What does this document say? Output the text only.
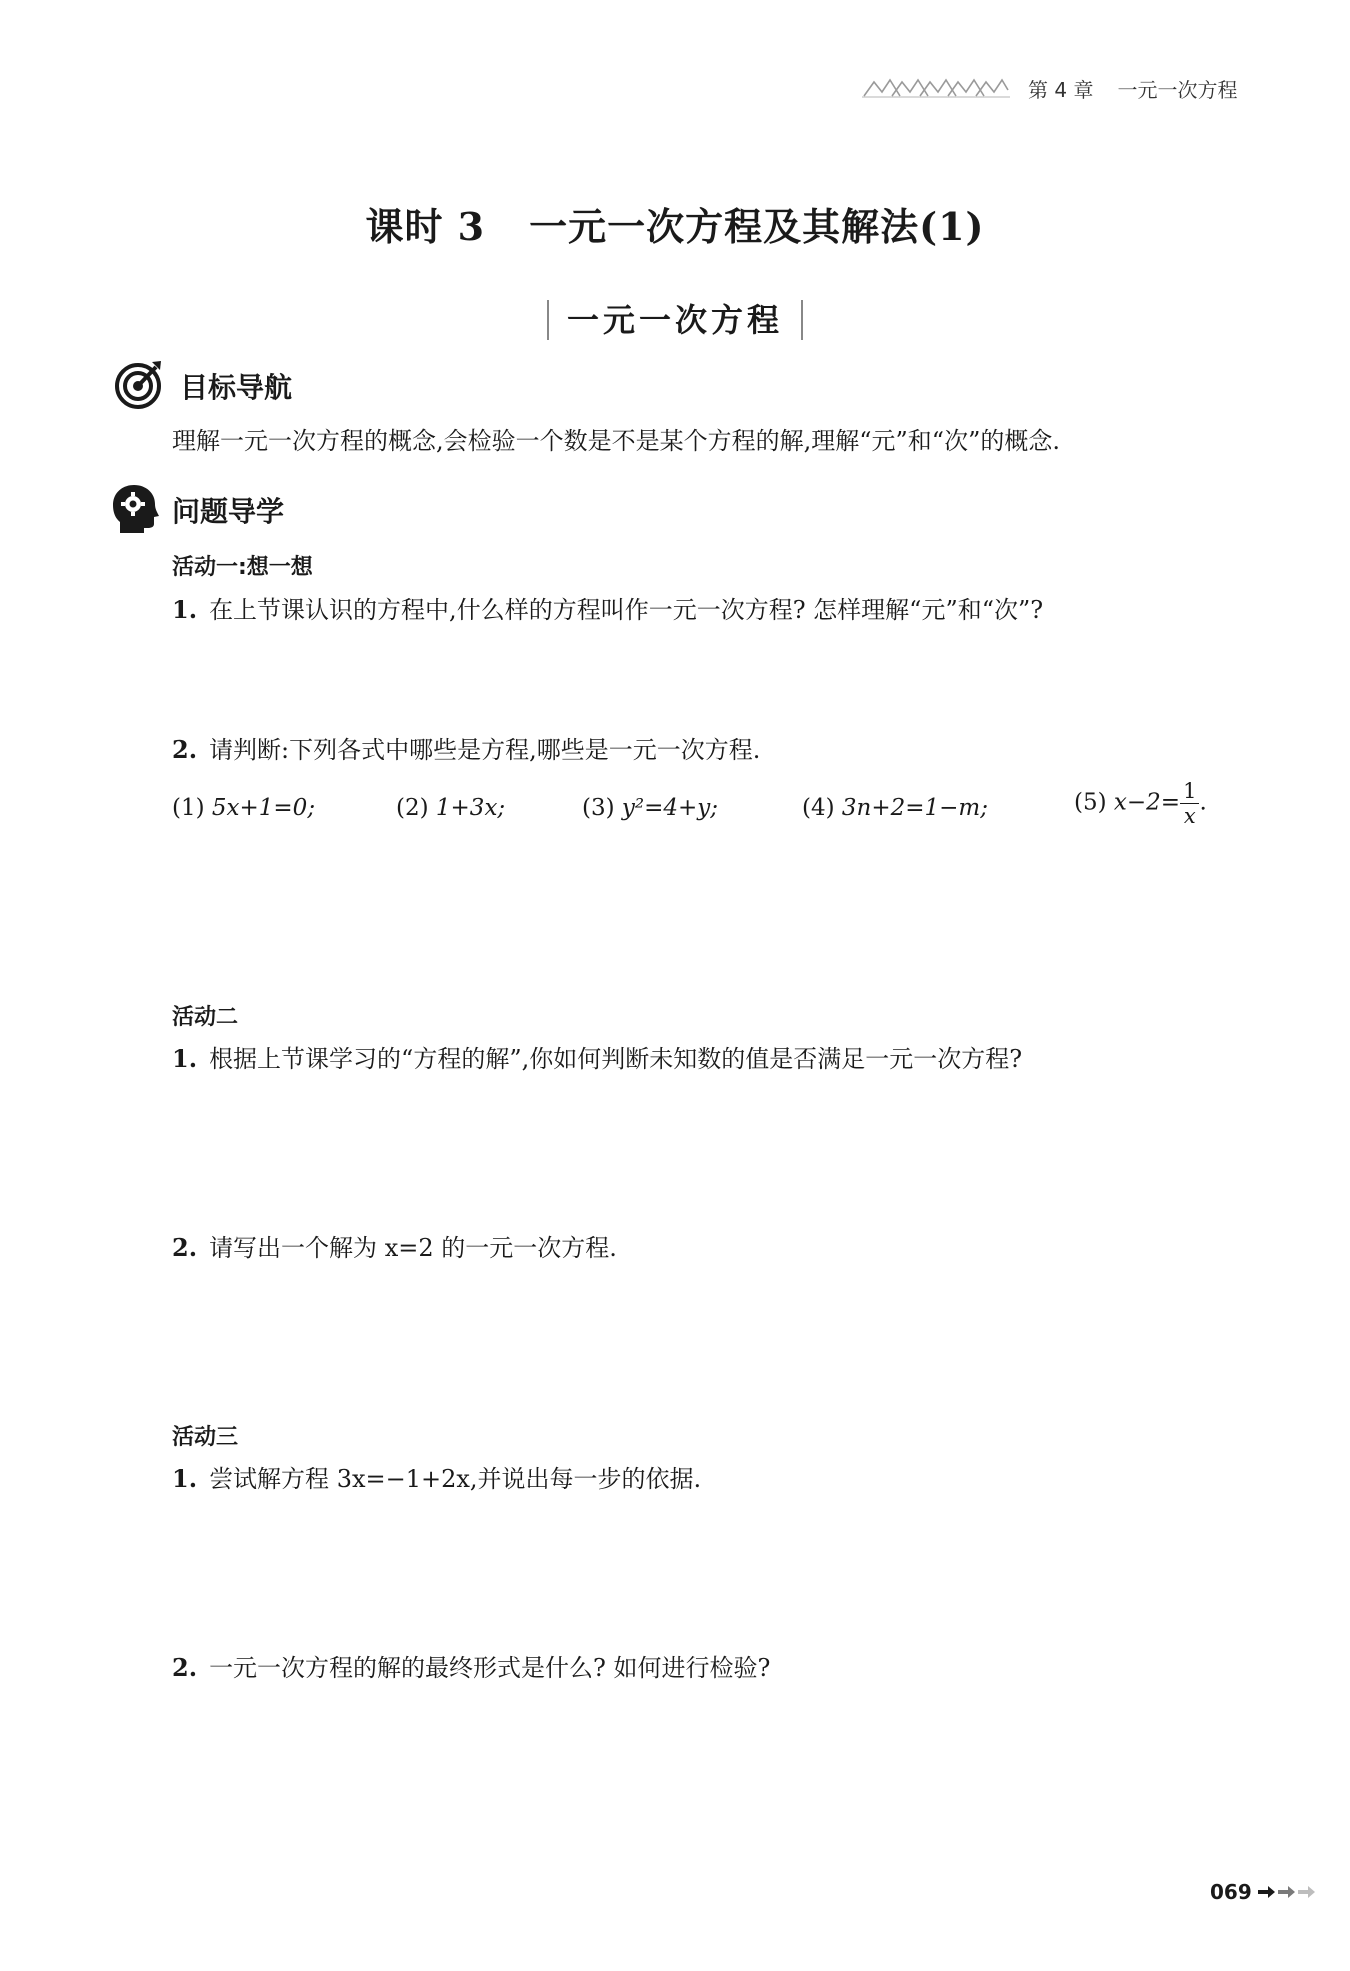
第 4 章 一元一次方程
课时 3 一元一次方程及其解法(1)
一元一次方程
目标导航
理解一元一次方程的概念,会检验一个数是不是某个方程的解,理解“元”和“次”的概念.
问题导学
活动一:想一想
1. 在上节课认识的方程中,什么样的方程叫作一元一次方程? 怎样理解“元”和“次”?
2. 请判断:下列各式中哪些是方程,哪些是一元一次方程.
(1) 5x+1=0;	(2) 1+3x;	(3) y²=4+y;	(4) 3n+2=1−m;	(5) $x-2= \frac{1}{x}$ .
活动二
1. 根据上节课学习的“方程的解”,你如何判断未知数的值是否满足一元一次方程?
2. 请写出一个解为 x=2 的一元一次方程.
活动三
1. 尝试解方程 3x=−1+2x,并说出每一步的依据.
2. 一元一次方程的解的最终形式是什么? 如何进行检验?
069
